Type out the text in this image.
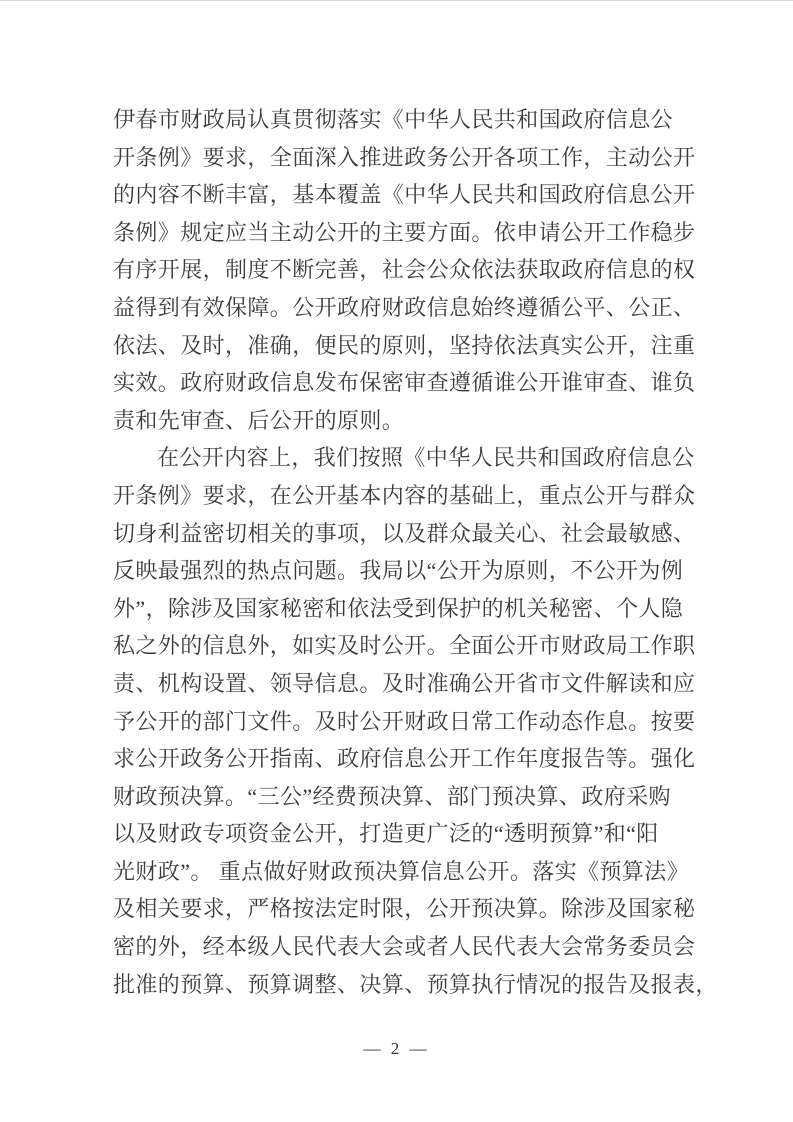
伊春市财政局认真贯彻落实《中华人民共和国政府信息公
开条例》要求，全面深入推进政务公开各项工作，主动公开
的内容不断丰富，基本覆盖《中华人民共和国政府信息公开
条例》规定应当主动公开的主要方面。依申请公开工作稳步
有序开展，制度不断完善，社会公众依法获取政府信息的权
益得到有效保障。公开政府财政信息始终遵循公平、公正、
依法、及时，准确，便民的原则，坚持依法真实公开，注重
实效。政府财政信息发布保密审查遵循谁公开谁审查、谁负
责和先审查、后公开的原则。
在公开内容上，我们按照《中华人民共和国政府信息公
开条例》要求，在公开基本内容的基础上，重点公开与群众
切身利益密切相关的事项，以及群众最关心、社会最敏感、
反映最强烈的热点问题。我局以“公开为原则，不公开为例
外”，除涉及国家秘密和依法受到保护的机关秘密、个人隐
私之外的信息外，如实及时公开。全面公开市财政局工作职
责、机构设置、领导信息。及时准确公开省市文件解读和应
予公开的部门文件。及时公开财政日常工作动态作息。按要
求公开政务公开指南、政府信息公开工作年度报告等。强化
财政预决算。“三公”经费预决算、部门预决算、政府采购
以及财政专项资金公开，打造更广泛的“透明预算”和“阳
光财政”。 重点做好财政预决算信息公开。落实《预算法》
及相关要求，严格按法定时限，公开预决算。除涉及国家秘
密的外，经本级人民代表大会或者人民代表大会常务委员会
批准的预算、预算调整、决算、预算执行情况的报告及报表，
— 2 —
